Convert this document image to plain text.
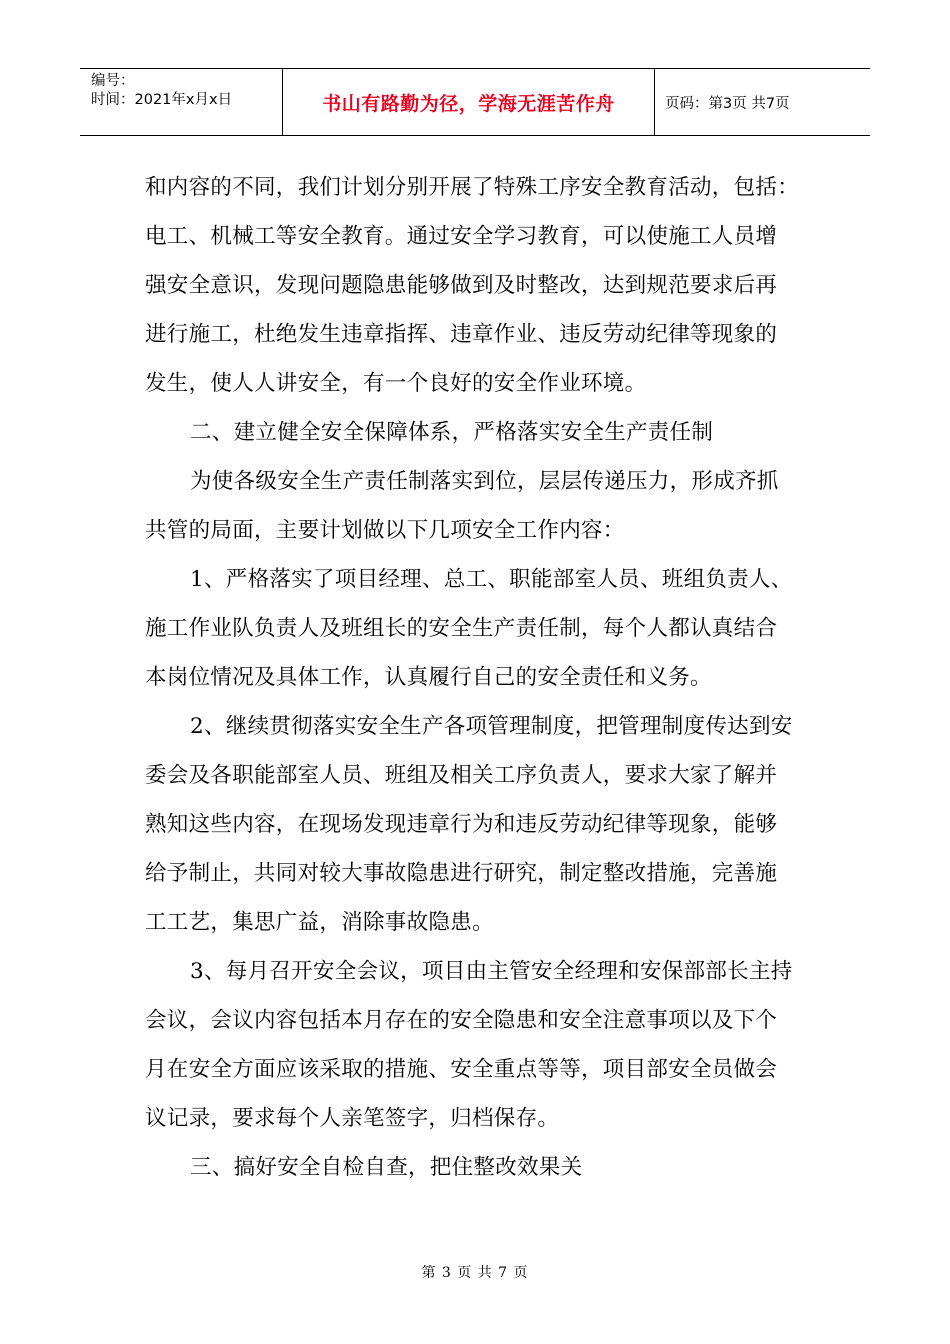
编号：
时间：2021年x月x日	书山有路勤为径，学海无涯苦作舟	页码：第3页 共7页

和内容的不同，我们计划分别开展了特殊工序安全教育活动，包括：

电工、机械工等安全教育。通过安全学习教育，可以使施工人员增

强安全意识，发现问题隐患能够做到及时整改，达到规范要求后再

进行施工，杜绝发生违章指挥、违章作业、违反劳动纪律等现象的

发生，使人人讲安全，有一个良好的安全作业环境。

二、建立健全安全保障体系，严格落实安全生产责任制

为使各级安全生产责任制落实到位，层层传递压力，形成齐抓

共管的局面，主要计划做以下几项安全工作内容：

1、严格落实了项目经理、总工、职能部室人员、班组负责人、

施工作业队负责人及班组长的安全生产责任制，每个人都认真结合

本岗位情况及具体工作，认真履行自己的安全责任和义务。

2、继续贯彻落实安全生产各项管理制度，把管理制度传达到安

委会及各职能部室人员、班组及相关工序负责人，要求大家了解并

熟知这些内容，在现场发现违章行为和违反劳动纪律等现象，能够

给予制止，共同对较大事故隐患进行研究，制定整改措施，完善施

工工艺，集思广益，消除事故隐患。

3、每月召开安全会议，项目由主管安全经理和安保部部长主持

会议，会议内容包括本月存在的安全隐患和安全注意事项以及下个

月在安全方面应该采取的措施、安全重点等等，项目部安全员做会

议记录，要求每个人亲笔签字，归档保存。

三、搞好安全自检自查，把住整改效果关

第 3 页 共 7 页
